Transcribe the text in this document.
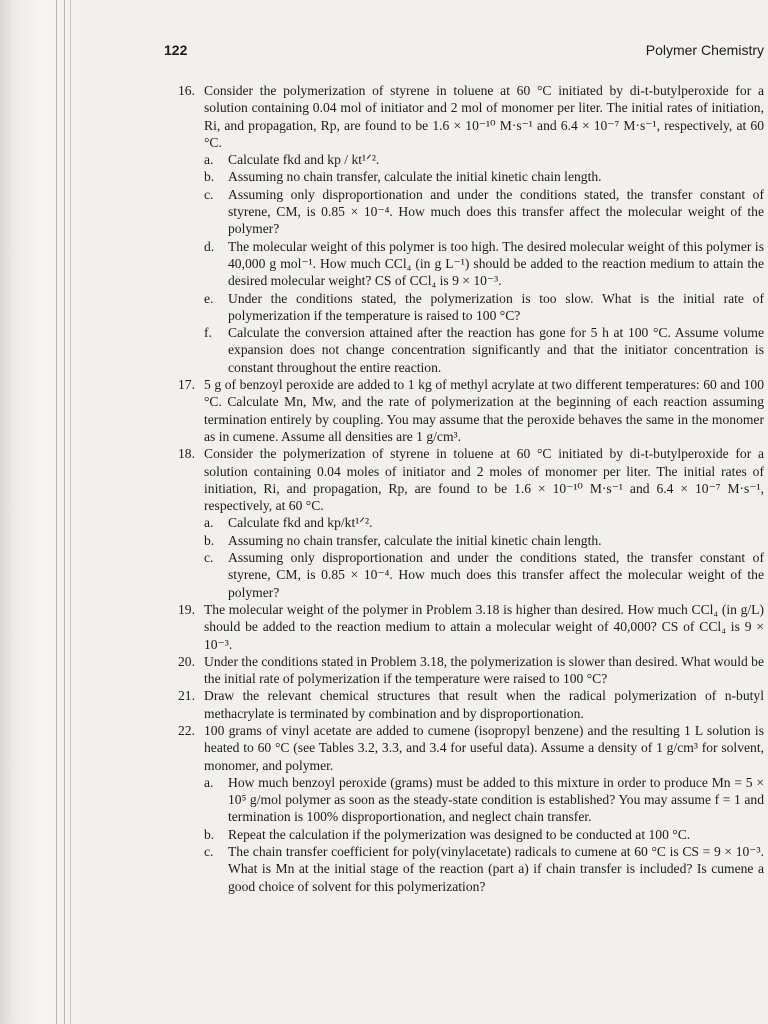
122	Polymer Chemistry
16. Consider the polymerization of styrene in toluene at 60 °C initiated by di-t-butylperoxide for a solution containing 0.04 mol of initiator and 2 mol of monomer per liter. The initial rates of initiation, Ri, and propagation, Rp, are found to be 1.6 × 10⁻¹⁰ M·s⁻¹ and 6.4 × 10⁻⁷ M·s⁻¹, respectively, at 60 °C.
a. Calculate fkd and kp / kt¹ᐟ².
b. Assuming no chain transfer, calculate the initial kinetic chain length.
c. Assuming only disproportionation and under the conditions stated, the transfer constant of styrene, CM, is 0.85 × 10⁻⁴. How much does this transfer affect the molecular weight of the polymer?
d. The molecular weight of this polymer is too high. The desired molecular weight of this polymer is 40,000 g mol⁻¹. How much CCl₄ (in g L⁻¹) should be added to the reaction medium to attain the desired molecular weight? CS of CCl₄ is 9 × 10⁻³.
e. Under the conditions stated, the polymerization is too slow. What is the initial rate of polymerization if the temperature is raised to 100 °C?
f. Calculate the conversion attained after the reaction has gone for 5 h at 100 °C. Assume volume expansion does not change concentration significantly and that the initiator concentration is constant throughout the entire reaction.
17. 5 g of benzoyl peroxide are added to 1 kg of methyl acrylate at two different temperatures: 60 and 100 °C. Calculate Mn, Mw, and the rate of polymerization at the beginning of each reaction assuming termination entirely by coupling. You may assume that the peroxide behaves the same in the monomer as in cumene. Assume all densities are 1 g/cm³.
18. Consider the polymerization of styrene in toluene at 60 °C initiated by di-t-butylperoxide for a solution containing 0.04 moles of initiator and 2 moles of monomer per liter. The initial rates of initiation, Ri, and propagation, Rp, are found to be 1.6 × 10⁻¹⁰ M·s⁻¹ and 6.4 × 10⁻⁷ M·s⁻¹, respectively, at 60 °C.
a. Calculate fkd and kp/kt¹ᐟ².
b. Assuming no chain transfer, calculate the initial kinetic chain length.
c. Assuming only disproportionation and under the conditions stated, the transfer constant of styrene, CM, is 0.85 × 10⁻⁴. How much does this transfer affect the molecular weight of the polymer?
19. The molecular weight of the polymer in Problem 3.18 is higher than desired. How much CCl₄ (in g/L) should be added to the reaction medium to attain a molecular weight of 40,000? CS of CCl₄ is 9 × 10⁻³.
20. Under the conditions stated in Problem 3.18, the polymerization is slower than desired. What would be the initial rate of polymerization if the temperature were raised to 100 °C?
21. Draw the relevant chemical structures that result when the radical polymerization of n-butyl methacrylate is terminated by combination and by disproportionation.
22. 100 grams of vinyl acetate are added to cumene (isopropyl benzene) and the resulting 1 L solution is heated to 60 °C (see Tables 3.2, 3.3, and 3.4 for useful data). Assume a density of 1 g/cm³ for solvent, monomer, and polymer.
a. How much benzoyl peroxide (grams) must be added to this mixture in order to produce Mn = 5 × 10⁵ g/mol polymer as soon as the steady-state condition is established? You may assume f = 1 and termination is 100% disproportionation, and neglect chain transfer.
b. Repeat the calculation if the polymerization was designed to be conducted at 100 °C.
c. The chain transfer coefficient for poly(vinylacetate) radicals to cumene at 60 °C is CS = 9 × 10⁻³. What is Mn at the initial stage of the reaction (part a) if chain transfer is included? Is cumene a good choice of solvent for this polymerization?
